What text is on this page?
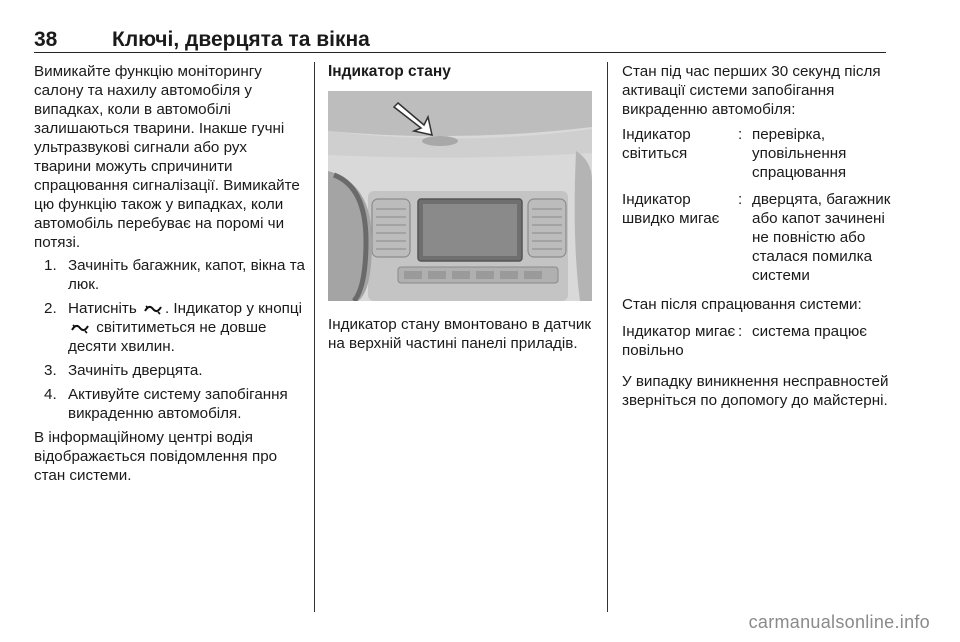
38	Ключі, дверцята та вікна

Вимикайте функцію моніторингу салону та нахилу автомобіля у випадках, коли в автомобілі залишаються тварини. Інакше гучні ультразвукові сигнали або рух тварини можуть спричинити спрацювання сигналізації. Вимикайте цю функцію також у випадках, коли автомобіль перебуває на поромі чи потязі.

1. Зачиніть багажник, капот, вікна та люк.
2. Натисніть . Індикатор у кнопці  світитиметься не довше десяти хвилин.
3. Зачиніть дверцята.
4. Активуйте систему запобігання викраденню автомобіля.

В інформаційному центрі водія відображається повідомлення про стан системи.

Індикатор стану

Індикатор стану вмонтовано в датчик на верхній частині панелі приладів.

Стан під час перших 30 секунд після активації системи запобігання викраденню автомобіля:

Індикатор світиться	:	перевірка, уповільнення спрацювання
Індикатор швидко мигає	:	дверцята, багажник або капот зачинені не повністю або сталася помилка системи

Стан після спрацювання системи:

Індикатор мигає повільно	:	система працює

У випадку виникнення несправностей зверніться по допомогу до майстерні.

carmanualsonline.info
